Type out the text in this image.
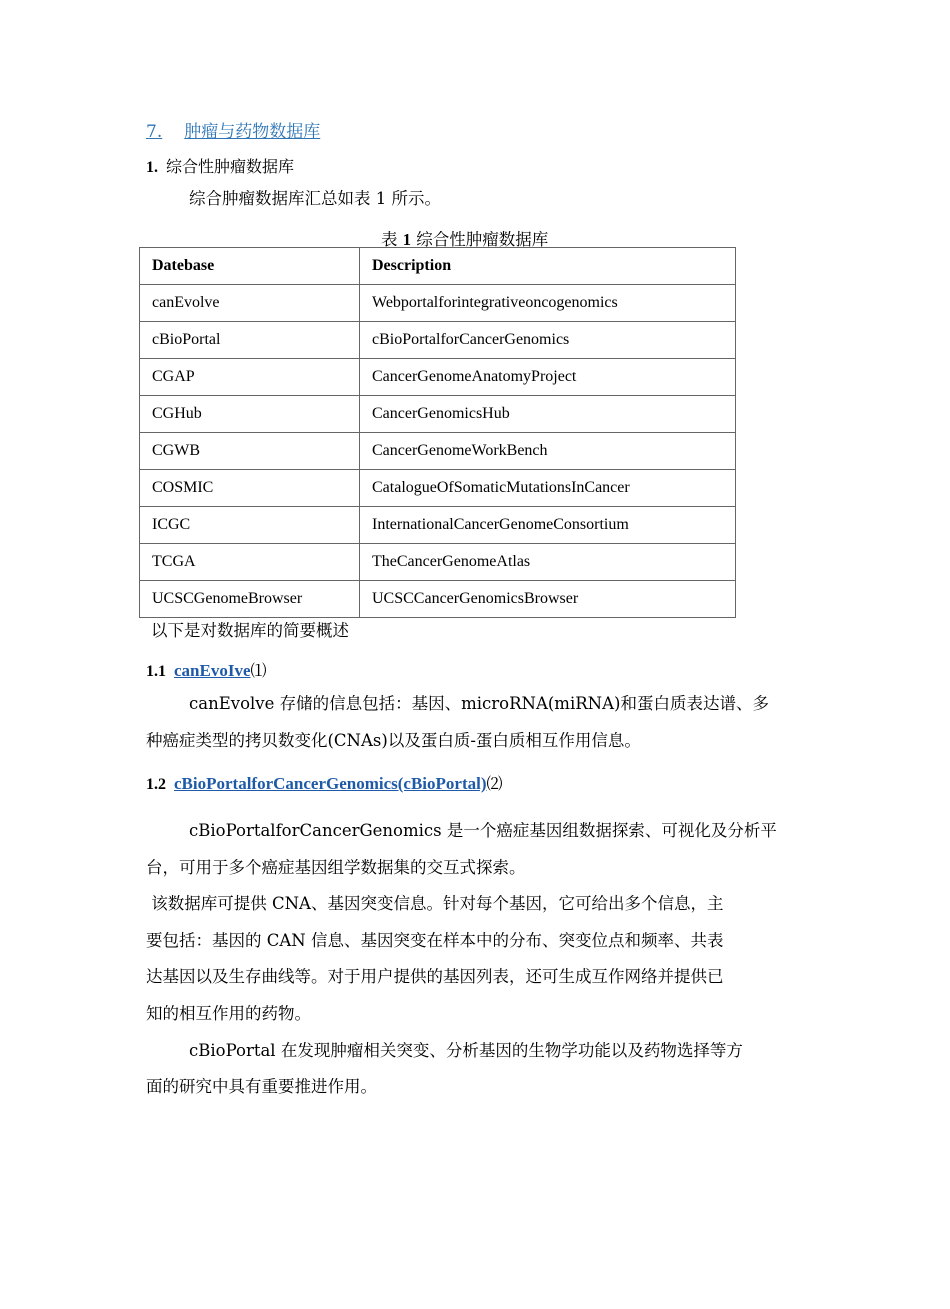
7. 肿瘤与药物数据库
1. 综合性肿瘤数据库
综合肿瘤数据库汇总如表 1 所示。
表 1 综合性肿瘤数据库
Datebase	Description
canEvolve	Webportalforintegrativeoncogenomics
cBioPortal	cBioPortalforCancerGenomics
CGAP	CancerGenomeAnatomyProject
CGHub	CancerGenomicsHub
CGWB	CancerGenomeWorkBench
COSMIC	CatalogueOfSomaticMutationsInCancer
ICGC	InternationalCancerGenomeConsortium
TCGA	TheCancerGenomeAtlas
UCSCGenomeBrowser	UCSCCancerGenomicsBrowser
以下是对数据库的简要概述
1.1 canEvoIve⑴
canEvolve 存储的信息包括：基因、microRNA(miRNA)和蛋白质表达谱、多
种癌症类型的拷贝数变化(CNAs)以及蛋白质-蛋白质相互作用信息。
1.2 cBioPortalforCancerGenomics(cBioPortal)⑵
cBioPortalforCancerGenomics 是一个癌症基因组数据探索、可视化及分析平
台，可用于多个癌症基因组学数据集的交互式探索。
该数据库可提供 CNA、基因突变信息。针对每个基因，它可给出多个信息，主
要包括：基因的 CAN 信息、基因突变在样本中的分布、突变位点和频率、共表
达基因以及生存曲线等。对于用户提供的基因列表，还可生成互作网络并提供已
知的相互作用的药物。
cBioPortal 在发现肿瘤相关突变、分析基因的生物学功能以及药物选择等方
面的研究中具有重要推进作用。
